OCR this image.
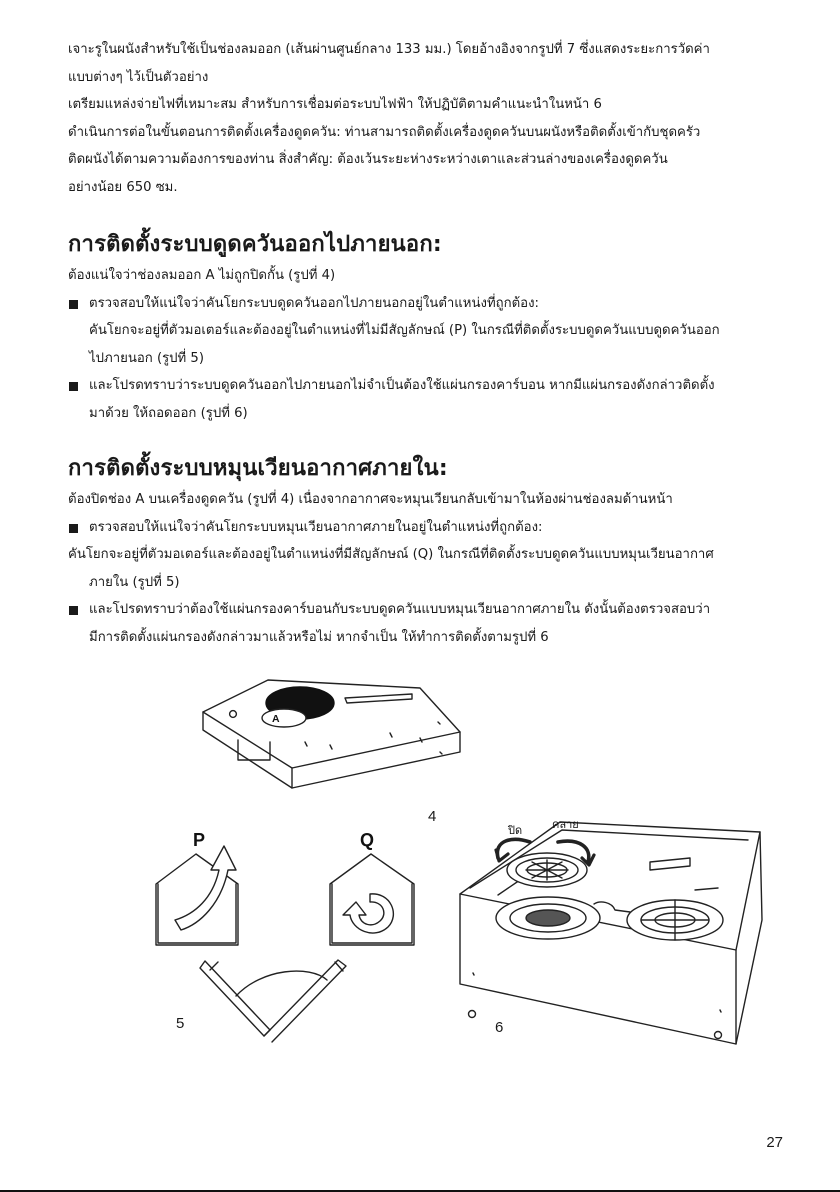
เจาะรูในผนังสำหรับใช้เป็นช่องลมออก (เส้นผ่านศูนย์กลาง 133 มม.) โดยอ้างอิงจากรูปที่ 7 ซึ่งแสดงระยะการวัดค่า

แบบต่างๆ ไว้เป็นตัวอย่าง

เตรียมแหล่งจ่ายไฟที่เหมาะสม สำหรับการเชื่อมต่อระบบไฟฟ้า ให้ปฏิบัติตามคำแนะนำในหน้า 6

ดำเนินการต่อในขั้นตอนการติดตั้งเครื่องดูดควัน: ท่านสามารถติดตั้งเครื่องดูดควันบนผนังหรือติดตั้งเข้ากับชุดครัว

ติดผนังได้ตามความต้องการของท่าน สิ่งสำคัญ: ต้องเว้นระยะห่างระหว่างเตาและส่วนล่างของเครื่องดูดควัน

อย่างน้อย 650 ซม.

การติดตั้งระบบดูดควันออกไปภายนอก:

ต้องแน่ใจว่าช่องลมออก A ไม่ถูกปิดกั้น (รูปที่ 4)

ตรวจสอบให้แน่ใจว่าคันโยกระบบดูดควันออกไปภายนอกอยู่ในตำแหน่งที่ถูกต้อง:

คันโยกจะอยู่ที่ตัวมอเตอร์และต้องอยู่ในตำแหน่งที่ไม่มีสัญลักษณ์ (P) ในกรณีที่ติดตั้งระบบดูดควันแบบดูดควันออก

ไปภายนอก (รูปที่ 5)

และโปรดทราบว่าระบบดูดควันออกไปภายนอกไม่จำเป็นต้องใช้แผ่นกรองคาร์บอน หากมีแผ่นกรองดังกล่าวติดตั้ง

มาด้วย ให้ถอดออก (รูปที่ 6)

การติดตั้งระบบหมุนเวียนอากาศภายใน:

ต้องปิดช่อง A บนเครื่องดูดควัน (รูปที่ 4) เนื่องจากอากาศจะหมุนเวียนกลับเข้ามาในห้องผ่านช่องลมด้านหน้า

ตรวจสอบให้แน่ใจว่าคันโยกระบบหมุนเวียนอากาศภายในอยู่ในตำแหน่งที่ถูกต้อง:

คันโยกจะอยู่ที่ตัวมอเตอร์และต้องอยู่ในตำแหน่งที่มีสัญลักษณ์ (Q) ในกรณีที่ติดตั้งระบบดูดควันแบบหมุนเวียนอากาศ

ภายใน (รูปที่ 5)

และโปรดทราบว่าต้องใช้แผ่นกรองคาร์บอนกับระบบดูดควันแบบหมุนเวียนอากาศภายใน ดังนั้นต้องตรวจสอบว่า

มีการติดตั้งแผ่นกรองดังกล่าวมาแล้วหรือไม่ หากจำเป็น ให้ทำการติดตั้งตามรูปที่ 6

A
P	Q	ปิด	คลาย
4
5	6
27
